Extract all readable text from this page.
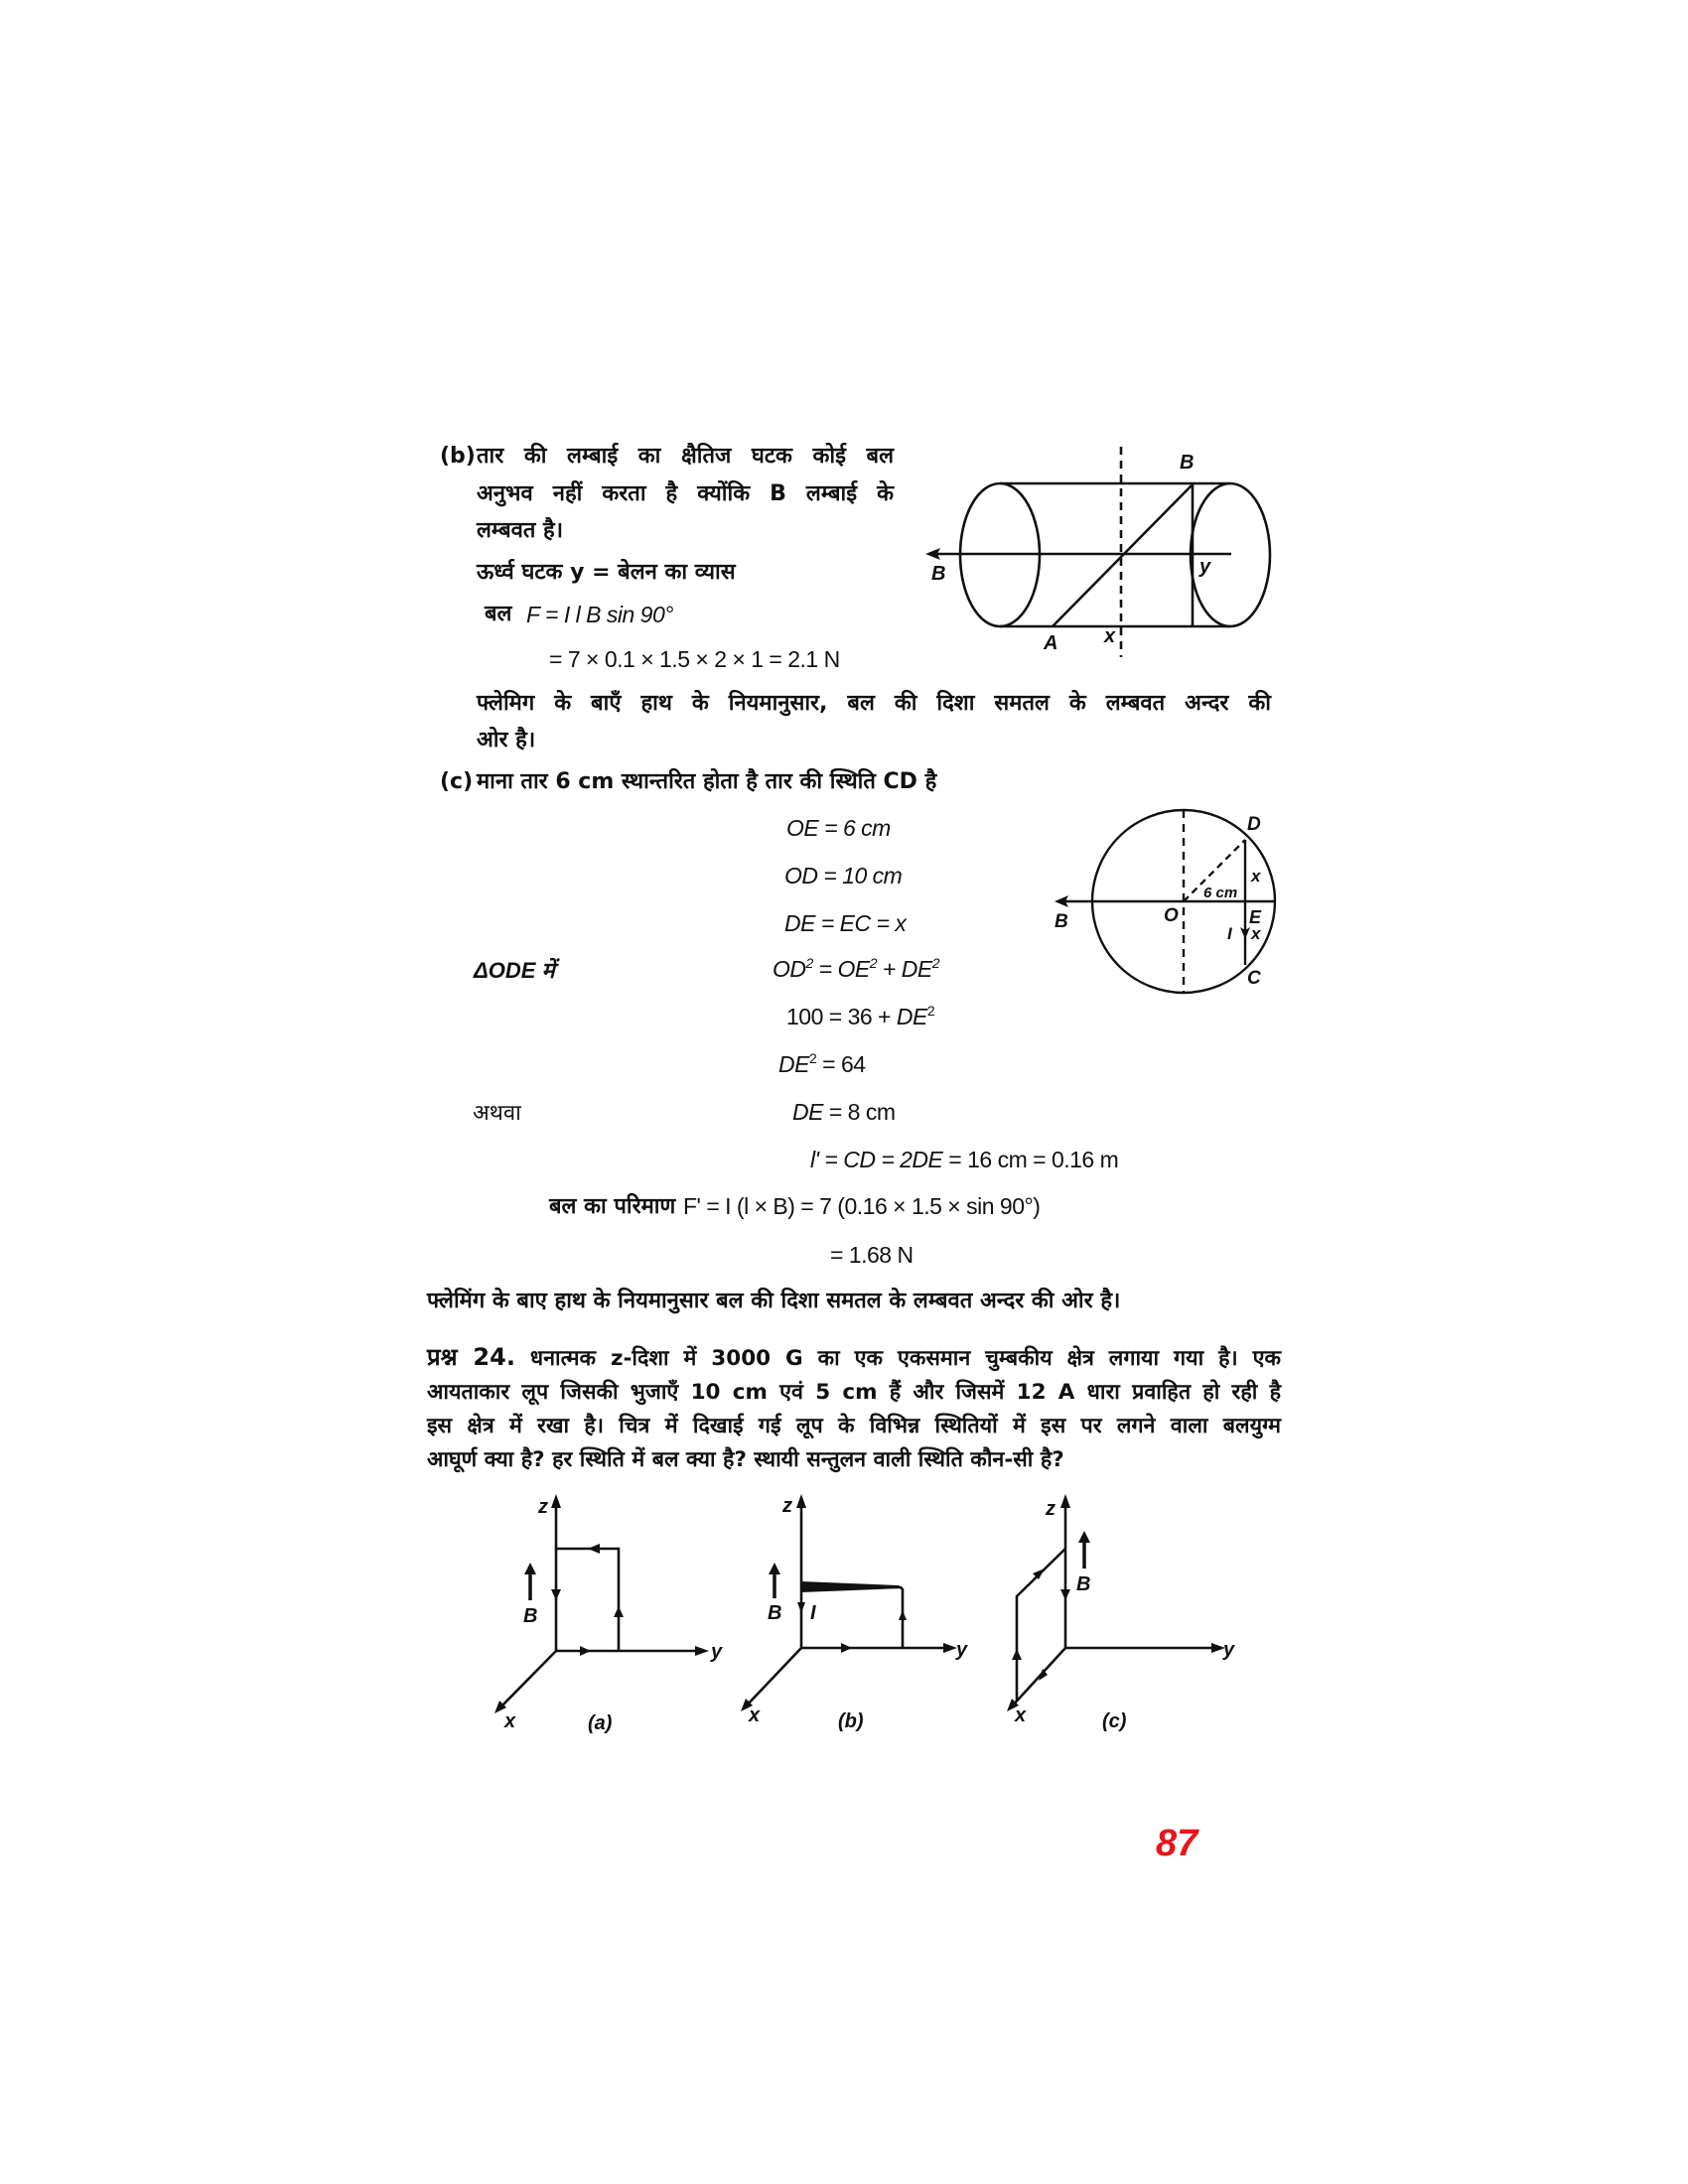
(b) तार की लम्बाई का क्षैतिज घटक कोई बल
अनुभव नहीं करता है क्योंकि B लम्बाई के
लम्बवत है।
ऊर्ध्व घटक y = बेलन का व्यास
बल F = I l B sin 90°
= 7 × 0.1 × 1.5 × 2 × 1 = 2.1 N
फ्लेमिग के बाएँ हाथ के नियमानुसार, बल की दिशा समतल के लम्बवत अन्दर की
ओर है।
B
B	y
A x
(c) माना तार 6 cm स्थान्तरित होता है तार की स्थिति CD है
OE = 6 cm
OD = 10 cm
DE = EC = x
ΔODE में	$OD^2 = OE^2 + DE^2$
$100 = 36 + DE^2$
$DE^2 = 64$
अथवा	DE = 8 cm
l' = CD = 2DE = 16 cm = 0.16 m
बल का परिमाण F' = I (l × B) = 7 (0.16 × 1.5 × sin 90°)
= 1.68 N
फ्लेमिंग के बाए हाथ के नियमानुसार बल की दिशा समतल के लम्बवत अन्दर की ओर है।
D
C
E
O
B
x
x
I
6 cm
प्रश्न 24. धनात्मक z-दिशा में 3000 G का एक एकसमान चुम्बकीय क्षेत्र लगाया गया है। एक
आयताकार लूप जिसकी भुजाएँ 10 cm एवं 5 cm हैं और जिसमें 12 A धारा प्रवाहित हो रही है
इस क्षेत्र में रखा है। चित्र में दिखाई गई लूप के विभिन्न स्थितियों में इस पर लगने वाला बलयुग्म
आघूर्ण क्या है? हर स्थिति में बल क्या है? स्थायी सन्तुलन वाली स्थिति कौन-सी है?
z
y
x
B
(a)
z
y
x
B I
(b)
z
y
x
B
(c)
87
